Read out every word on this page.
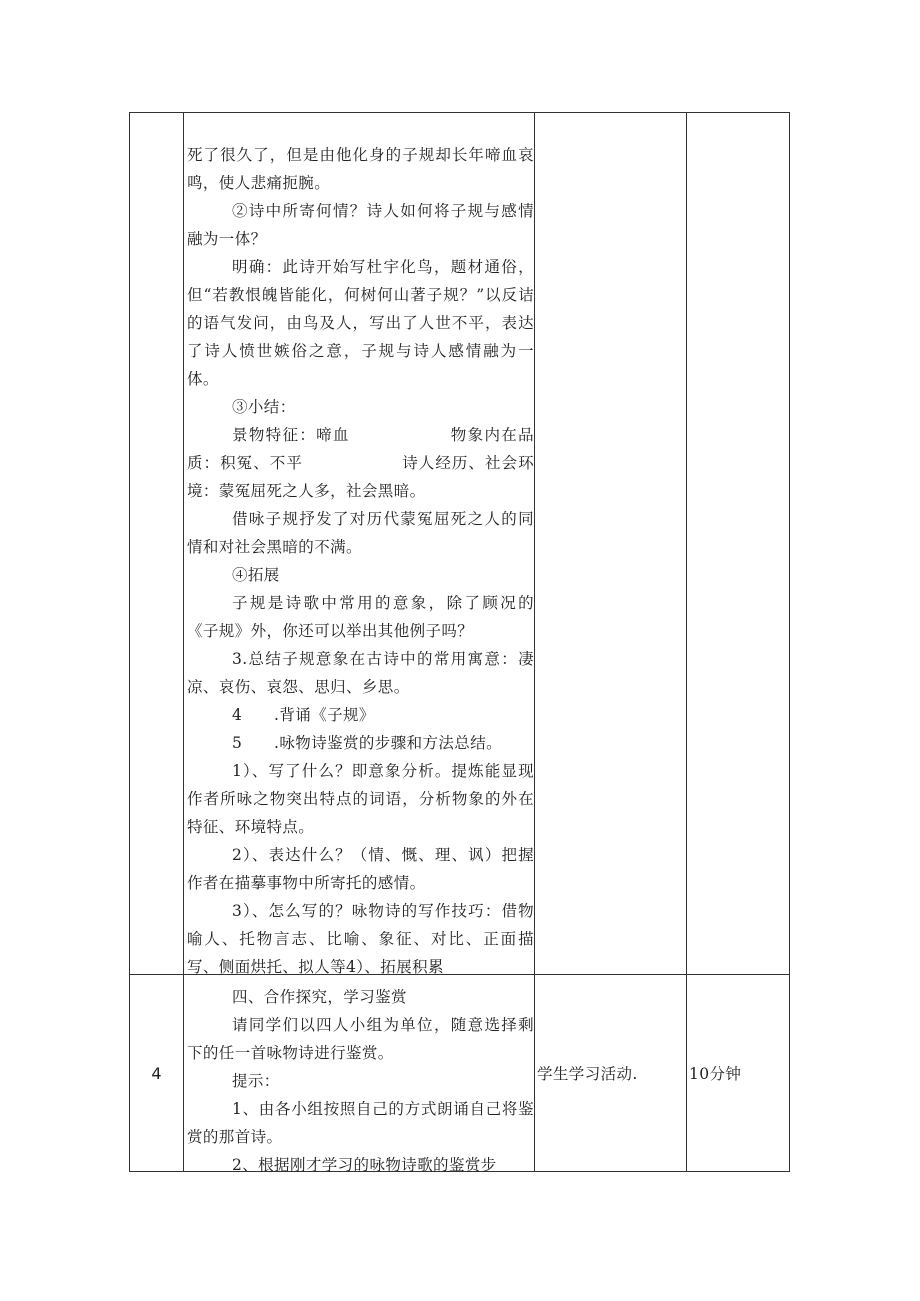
死了很久了，但是由他化身的子规却长年啼血哀鸣，使人悲痛扼腕。

②诗中所寄何情？诗人如何将子规与感情融为一体？

明确：此诗开始写杜宇化鸟，题材通俗，但“若教恨魄皆能化，何树何山著子规？”以反诘的语气发问，由鸟及人，写出了人世不平，表达了诗人愤世嫉俗之意，子规与诗人感情融为一体。

③小结：

景物特征：啼血　　　　　　物象内在品质：积冤、不平　　　　　　诗人经历、社会环境：蒙冤屈死之人多，社会黑暗。

借咏子规抒发了对历代蒙冤屈死之人的同情和对社会黑暗的不满。

④拓展

子规是诗歌中常用的意象，除了顾况的《子规》外，你还可以举出其他例子吗？

3.总结子规意象在古诗中的常用寓意：凄凉、哀伤、哀怨、思归、乡思。

4　　.背诵《子规》

5　　.咏物诗鉴赏的步骤和方法总结。

1）、写了什么？即意象分析。提炼能显现作者所咏之物突出特点的词语，分析物象的外在特征、环境特点。

2）、表达什么？（情、慨、理、讽）把握作者在描摹事物中所寄托的感情。

3）、怎么写的？咏物诗的写作技巧：借物喻人、托物言志、比喻、象征、对比、正面描写、侧面烘托、拟人等4）、拓展积累

4

四、合作探究，学习鉴赏

请同学们以四人小组为单位，随意选择剩下的任一首咏物诗进行鉴赏。

提示：

1、由各小组按照自己的方式朗诵自己将鉴赏的那首诗。

2、根据刚才学习的咏物诗歌的鉴赏步

学生学习活动.	10分钟
